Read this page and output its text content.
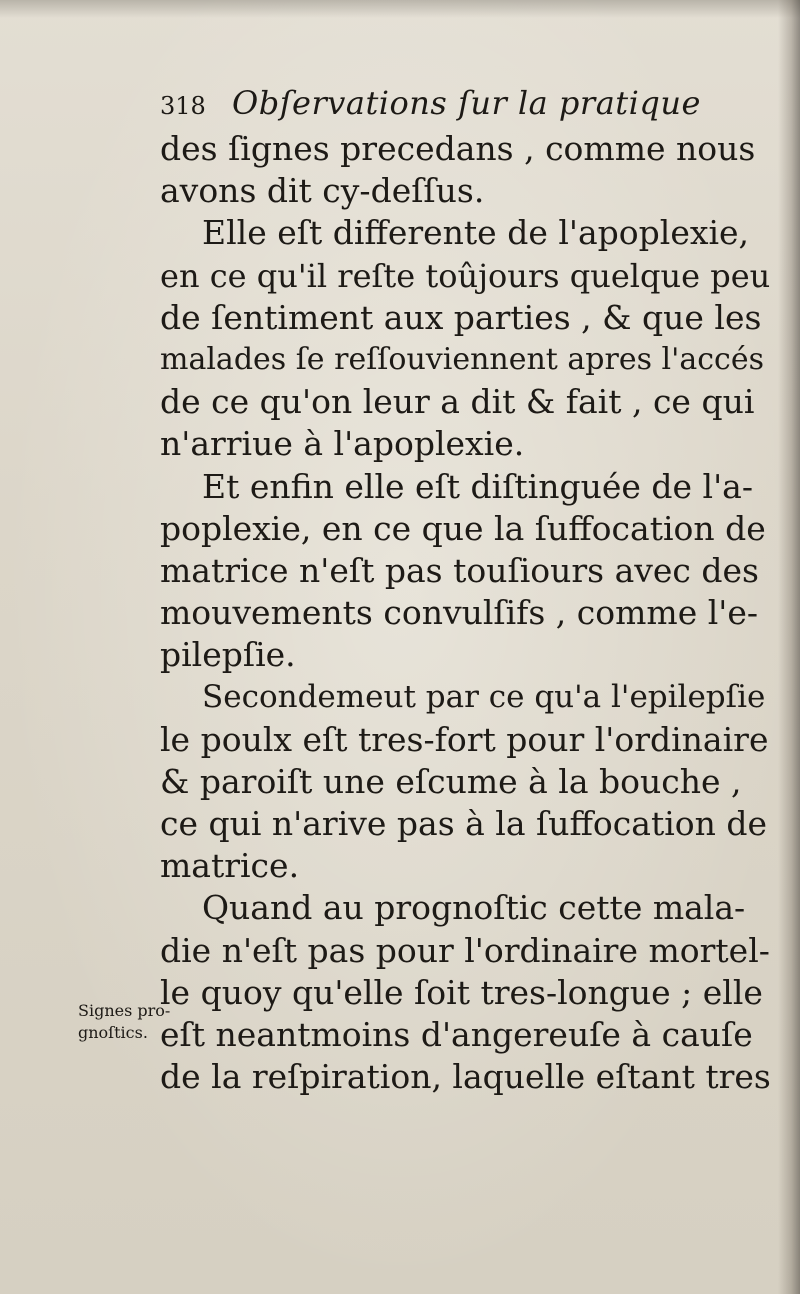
318 Obſervations ſur la pratique
des ſignes precedans , comme nous
avons dit cy-deſſus.
Elle eſt differente de l'apoplexie,
en ce qu'il reſte toûjours quelque peu
de ſentiment aux parties , & que les
malades ſe reſſouviennent apres l'accés
de ce qu'on leur a dit & fait , ce qui
n'arriue à l'apoplexie.
Et enfin elle eſt diſtinguée de l'a-
poplexie, en ce que la ſuffocation de
matrice n'eſt pas touſiours avec des
mouvements convulſifs , comme l'e-
pilepſie.
Secondemeut par ce qu'a l'epilepſie
le poulx eſt tres-fort pour l'ordinaire
& paroiſt une eſcume à la bouche ,
ce qui n'arive pas à la ſuffocation de
matrice.
Quand au prognoſtic cette mala-
die n'eſt pas pour l'ordinaire mortel-
le quoy qu'elle ſoit tres-longue ; elle
eſt neantmoins d'angereuſe à cauſe
de la reſpiration, laquelle eſtant tres
Signes pro-
gnoſtics.
